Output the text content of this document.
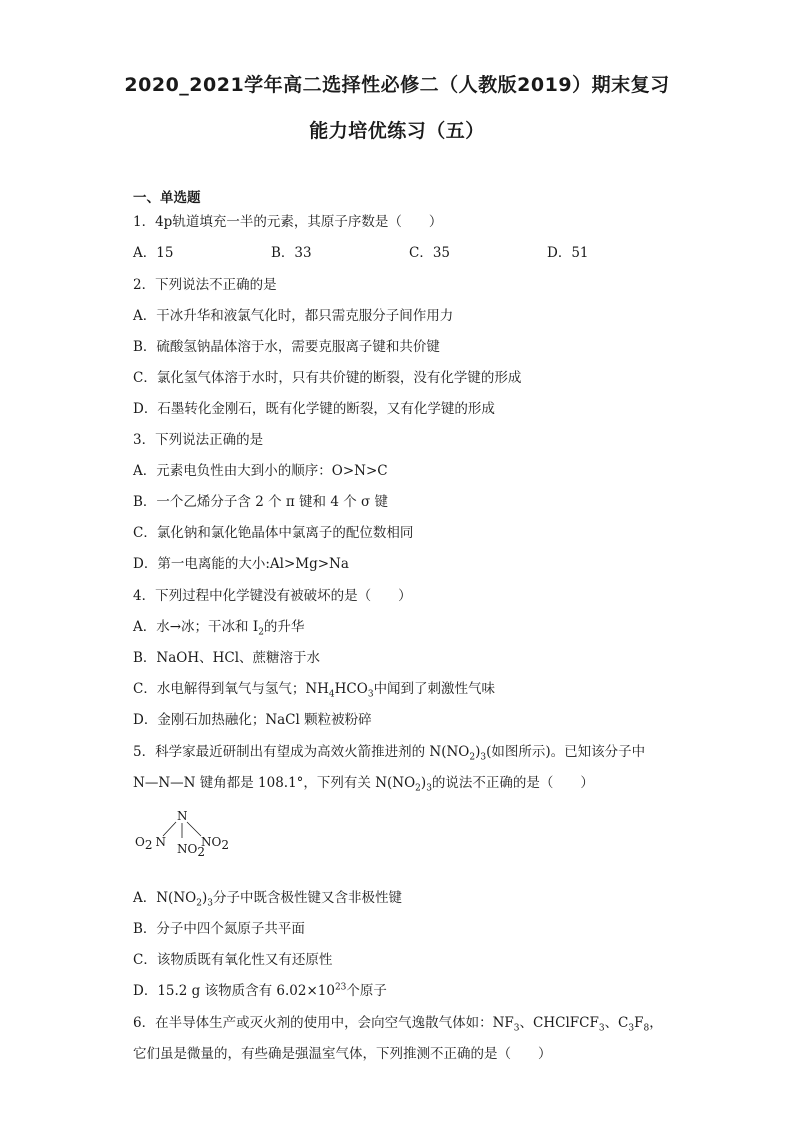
2020_2021学年高二选择性必修二（人教版2019）期末复习
能力培优练习（五）
一、单选题
1．4p轨道填充一半的元素，其原子序数是（　　）
A．15	B．33	C．35	D．51
2．下列说法不正确的是
A．干冰升华和液氯气化时，都只需克服分子间作用力
B．硫酸氢钠晶体溶于水，需要克服离子键和共价键
C．氯化氢气体溶于水时，只有共价键的断裂，没有化学键的形成
D．石墨转化金刚石，既有化学键的断裂，又有化学键的形成
3．下列说法正确的是
A．元素电负性由大到小的顺序：O>N>C
B．一个乙烯分子含 2 个 π 键和 4 个 σ 键
C．氯化钠和氯化铯晶体中氯离子的配位数相同
D．第一电离能的大小:Al>Mg>Na
4．下列过程中化学键没有被破坏的是（　　）
A．水→冰；干冰和 $I_2$的升华
B．NaOH、HCl、蔗糖溶于水
C．水电解得到氧气与氢气；$NH_4HCO_3$中闻到了刺激性气味
D．金刚石加热融化；NaCl 颗粒被粉碎
5．科学家最近研制出有望成为高效火箭推进剂的 $N(NO_2)_3$(如图所示)。已知该分子中
N—N—N 键角都是 108.1°，下列有关 $N(NO_2)_3$的说法不正确的是（　　）
N
O2 N NO2
NO2
A．$N(NO_2)_3$分子中既含极性键又含非极性键
B．分子中四个氮原子共平面
C．该物质既有氧化性又有还原性
D．15.2 g 该物质含有 $6.02\times 10^{23}$个原子
6．在半导体生产或灭火剂的使用中，会向空气逸散气体如：$NF_3$、CHClFCF$_3$、$C_3F_8$，
它们虽是微量的，有些确是强温室气体，下列推测不正确的是（　　）
